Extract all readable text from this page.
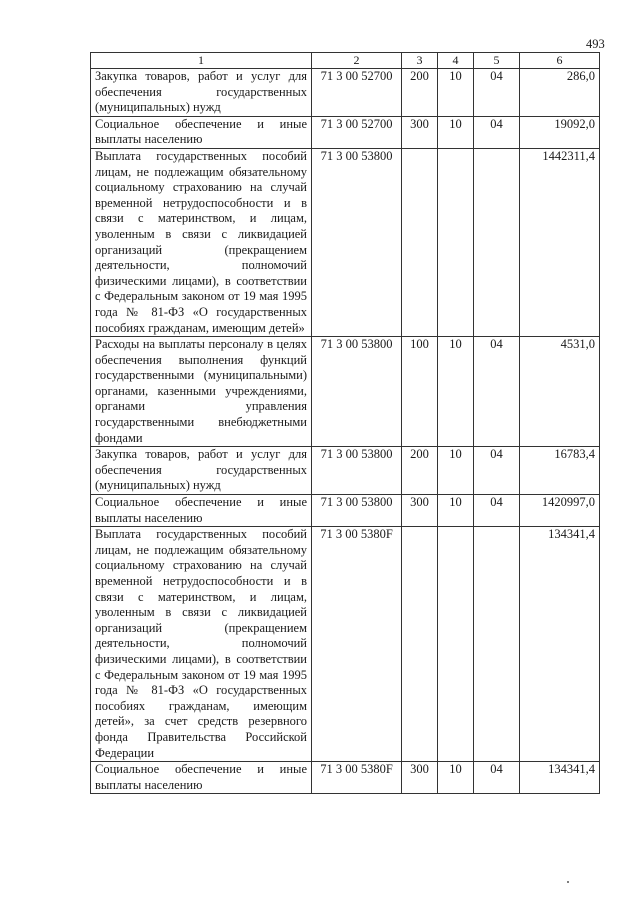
493
1	2	3	4	5	6
Закупка товаров, работ и услуг для обеспечения государственных (муниципальных) нужд	71 3 00 52700	200	10	04	286,0
Социальное обеспечение и иные выплаты населению	71 3 00 52700	300	10	04	19092,0
Выплата государственных пособий лицам, не подлежащим обязательному социальному страхованию на случай временной нетрудоспособности и в связи с материнством, и лицам, уволенным в связи с ликвидацией организаций (прекращением деятельности, полномочий физическими лицами), в соответствии с Федеральным законом от 19 мая 1995 года № 81-ФЗ «О государственных пособиях гражданам, имеющим детей»	71 3 00 53800				1442311,4
Расходы на выплаты персоналу в целях обеспечения выполнения функций государственными (муниципальными) органами, казенными учреждениями, органами управления государственными внебюджетными фондами	71 3 00 53800	100	10	04	4531,0
Закупка товаров, работ и услуг для обеспечения государственных (муниципальных) нужд	71 3 00 53800	200	10	04	16783,4
Социальное обеспечение и иные выплаты населению	71 3 00 53800	300	10	04	1420997,0
Выплата государственных пособий лицам, не подлежащим обязательному социальному страхованию на случай временной нетрудоспособности и в связи с материнством, и лицам, уволенным в связи с ликвидацией организаций (прекращением деятельности, полномочий физическими лицами), в соответствии с Федеральным законом от 19 мая 1995 года № 81-ФЗ «О государственных пособиях гражданам, имеющим детей», за счет средств резервного фонда Правительства Российской Федерации	71 3 00 5380F				134341,4
Социальное обеспечение и иные выплаты населению	71 3 00 5380F	300	10	04	134341,4
